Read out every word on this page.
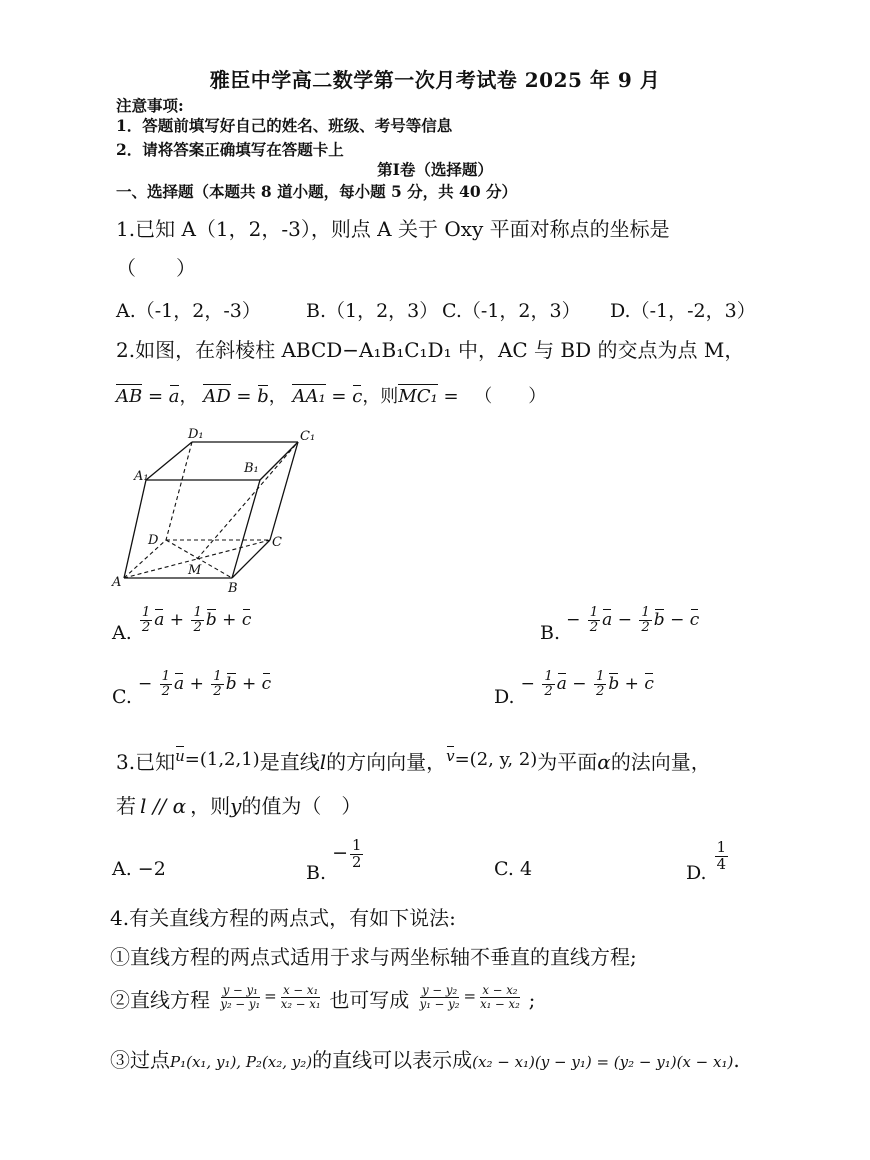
雅臣中学高二数学第一次月考试卷 2025 年 9 月
注意事项:
1．答题前填写好自己的姓名、班级、考号等信息
2．请将答案正确填写在答题卡上
第Ⅰ卷（选择题）
一、选择题（本题共 8 道小题，每小题 5 分，共 40 分）
1.已知 A（1，2，-3），则点 A 关于 Oxy 平面对称点的坐标是
（　　）
A.（-1，2，-3） B.（1，2，3） C.（-1，2，3） D.（-1，-2，3）
2.如图，在斜棱柱 ABCD−A₁B₁C₁D₁ 中，AC 与 BD 的交点为点 M，
AB = a， AD = b， AA₁ = c，则MC₁ = （　　）
D₁	C₁
A₁
B₁
D	C
M
A	B
A. $\frac{1}{2}$ $a + \frac{1}{2}$ b + c
B. − $\frac{1}{2}$ $a - \frac{1}{2}$ b − c
C. − $\frac{1}{2}$ $a + \frac{1}{2}$ b + c
D. − $\frac{1}{2}$ $a - \frac{1}{2}$ b + c
3.已知$^u$=(1,2,1)是直线l的方向向量，$^v$=(2, y, 2)为平面α的法向量，
若 l // α ，则y的值为（　）
A. −2	B. − $\frac{1}{2}$	C. 4	D.
$\frac{1}{4}$
4.有关直线方程的两点式，有如下说法:
①直线方程的两点式适用于求与两坐标轴不垂直的直线方程;
②直线方程 $^{\frac{\text{y − y₁}}{\text{y₂ − y₁}} = \frac{\text{x − x₁}}{\text{x₂ − x₁}}}$ 也可写成 $^{\frac{\text{y − y₂}}{\text{y₁ − y₂}} = \frac{\text{x − x₂}}{\text{x₁ − x₂}}}$ ;
③过点P₁(x₁, y₁), P₂(x₂, y₂)的直线可以表示成(x₂ − x₁)(y − y₁) = (y₂ − y₁)(x − x₁).
